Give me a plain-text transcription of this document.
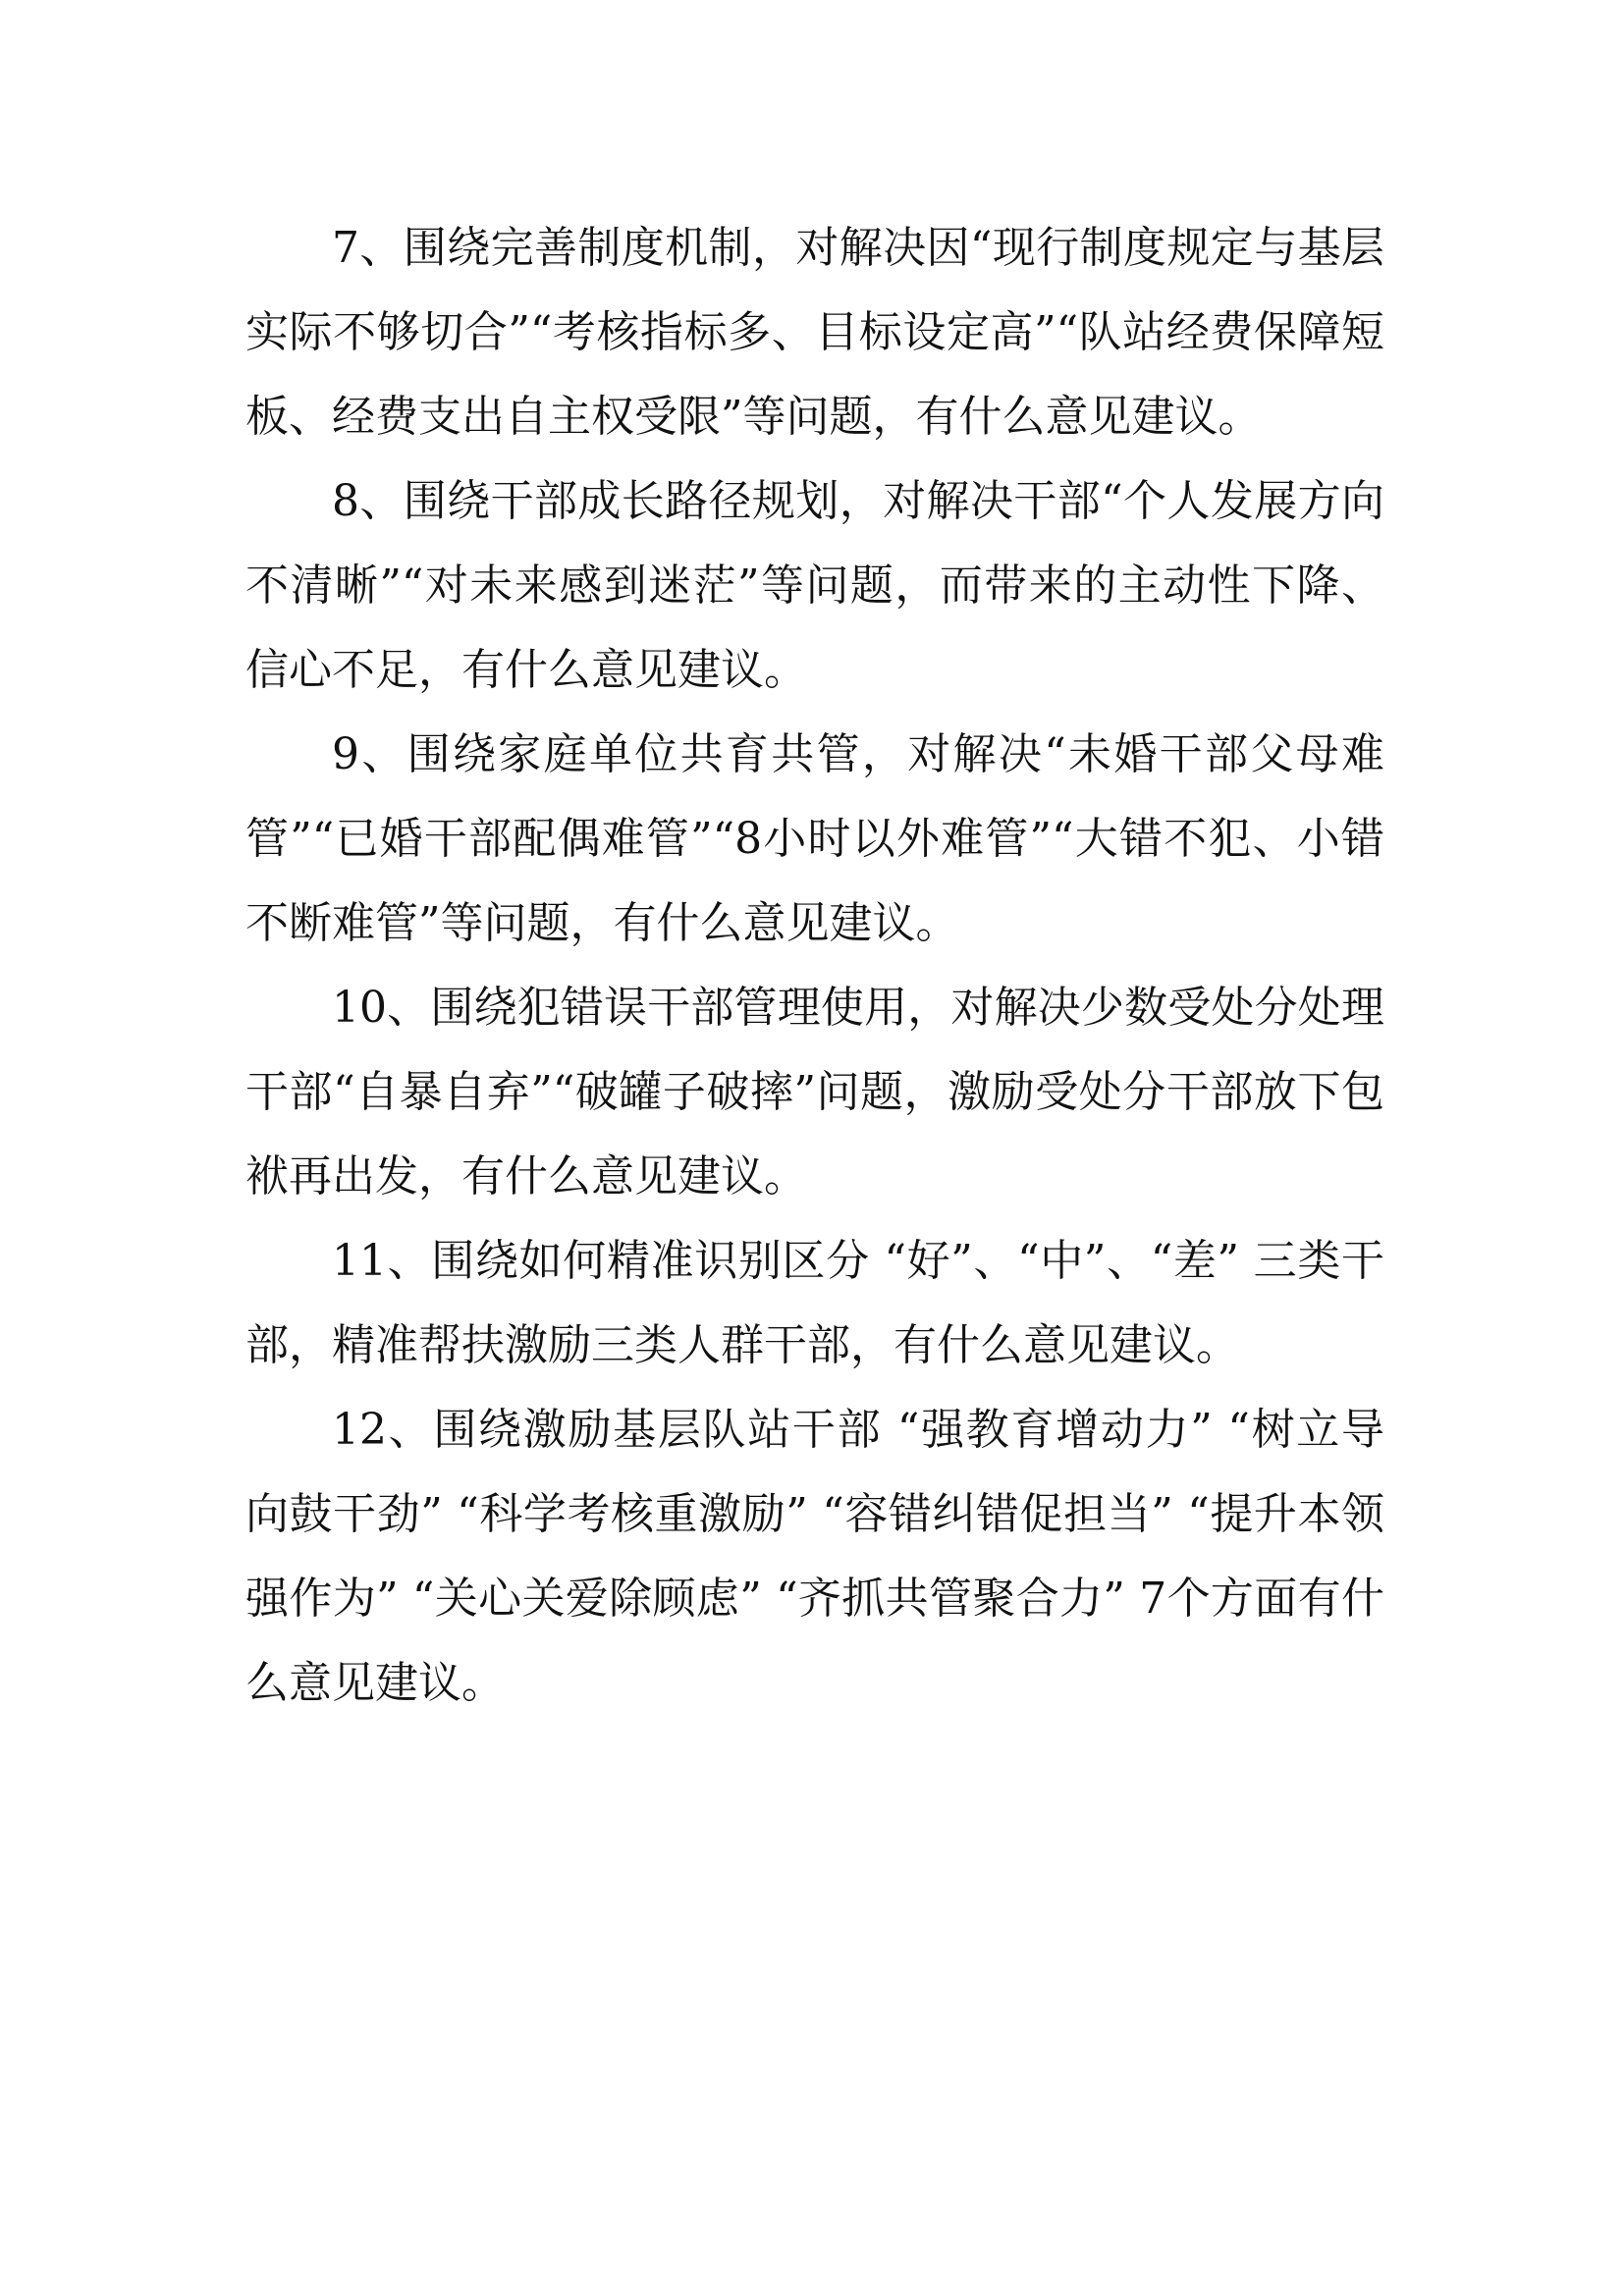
7、围绕完善制度机制，对解决因“现行制度规定与基层实际不够切合”“考核指标多、目标设定高”“队站经费保障短板、经费支出自主权受限”等问题，有什么意见建议。

8、围绕干部成长路径规划，对解决干部“个人发展方向不清晰”“对未来感到迷茫”等问题，而带来的主动性下降、信心不足，有什么意见建议。

9、围绕家庭单位共育共管，对解决“未婚干部父母难管”“已婚干部配偶难管”“8小时以外难管”“大错不犯、小错不断难管”等问题，有什么意见建议。

10、围绕犯错误干部管理使用，对解决少数受处分处理干部“自暴自弃”“破罐子破摔”问题，激励受处分干部放下包袱再出发，有什么意见建议。

11、围绕如何精准识别区分 “好”、“中”、“差” 三类干部，精准帮扶激励三类人群干部，有什么意见建议。

12、围绕激励基层队站干部 “强教育增动力” “树立导向鼓干劲” “科学考核重激励” “容错纠错促担当” “提升本领强作为” “关心关爱除顾虑” “齐抓共管聚合力” 7个方面有什么意见建议。
